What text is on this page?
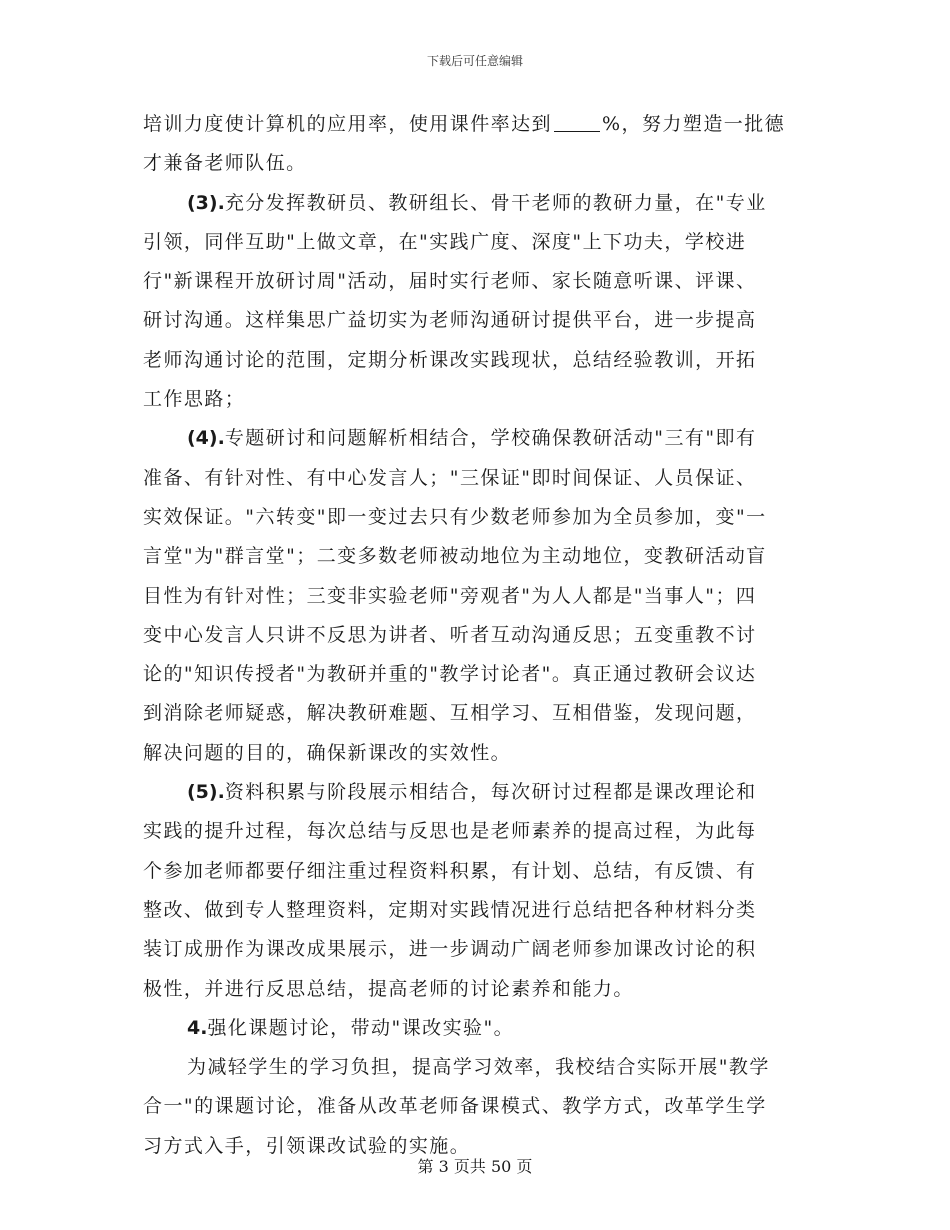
下载后可任意编辑
培训力度使计算机的应用率，使用课件率达到	%，努力塑造一批德
才兼备老师队伍。
(3).充分发挥教研员、教研组长、骨干老师的教研力量，在"专业
引领，同伴互助"上做文章，在"实践广度、深度"上下功夫，学校进
行"新课程开放研讨周"活动，届时实行老师、家长随意听课、评课、
研讨沟通。这样集思广益切实为老师沟通研讨提供平台，进一步提高
老师沟通讨论的范围，定期分析课改实践现状，总结经验教训，开拓
工作思路；
(4).专题研讨和问题解析相结合，学校确保教研活动"三有"即有
准备、有针对性、有中心发言人；"三保证"即时间保证、人员保证、
实效保证。"六转变"即一变过去只有少数老师参加为全员参加，变"一
言堂"为"群言堂"；二变多数老师被动地位为主动地位，变教研活动盲
目性为有针对性；三变非实验老师"旁观者"为人人都是"当事人"；四
变中心发言人只讲不反思为讲者、听者互动沟通反思；五变重教不讨
论的"知识传授者"为教研并重的"教学讨论者"。真正通过教研会议达
到消除老师疑惑，解决教研难题、互相学习、互相借鉴，发现问题，
解决问题的目的，确保新课改的实效性。
(5).资料积累与阶段展示相结合，每次研讨过程都是课改理论和
实践的提升过程，每次总结与反思也是老师素养的提高过程，为此每
个参加老师都要仔细注重过程资料积累，有计划、总结，有反馈、有
整改、做到专人整理资料，定期对实践情况进行总结把各种材料分类
装订成册作为课改成果展示，进一步调动广阔老师参加课改讨论的积
极性，并进行反思总结，提高老师的讨论素养和能力。
4.强化课题讨论，带动"课改实验"。
为减轻学生的学习负担，提高学习效率，我校结合实际开展"教学
合一"的课题讨论，准备从改革老师备课模式、教学方式，改革学生学
习方式入手，引领课改试验的实施。
第 3 页共 50 页
